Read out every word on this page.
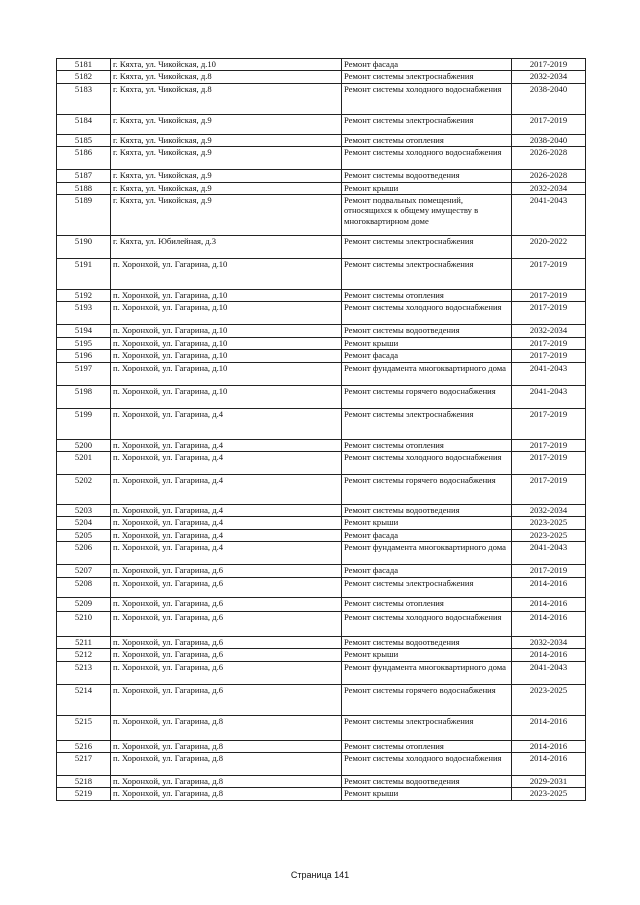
5181	г. Кяхта, ул. Чикойская, д.10	Ремонт фасада	2017-2019
5182	г. Кяхта, ул. Чикойская, д.8	Ремонт системы электроснабжения	2032-2034
5183	г. Кяхта, ул. Чикойская, д.8	Ремонт системы холодного водоснабжения	2038-2040
5184	г. Кяхта, ул. Чикойская, д.9	Ремонт системы электроснабжения	2017-2019
5185	г. Кяхта, ул. Чикойская, д.9	Ремонт системы отопления	2038-2040
5186	г. Кяхта, ул. Чикойская, д.9	Ремонт системы холодного водоснабжения	2026-2028
5187	г. Кяхта, ул. Чикойская, д.9	Ремонт системы водоотведения	2026-2028
5188	г. Кяхта, ул. Чикойская, д.9	Ремонт крыши	2032-2034
5189	г. Кяхта, ул. Чикойская, д.9	Ремонт подвальных помещений, относящихся к общему имуществу в многоквартирном доме	2041-2043
5190	г. Кяхта, ул. Юбилейная, д.3	Ремонт системы электроснабжения	2020-2022
5191	п. Хоронхой, ул. Гагарина, д.10	Ремонт системы электроснабжения	2017-2019
5192	п. Хоронхой, ул. Гагарина, д.10	Ремонт системы отопления	2017-2019
5193	п. Хоронхой, ул. Гагарина, д.10	Ремонт системы холодного водоснабжения	2017-2019
5194	п. Хоронхой, ул. Гагарина, д.10	Ремонт системы водоотведения	2032-2034
5195	п. Хоронхой, ул. Гагарина, д.10	Ремонт крыши	2017-2019
5196	п. Хоронхой, ул. Гагарина, д.10	Ремонт фасада	2017-2019
5197	п. Хоронхой, ул. Гагарина, д.10	Ремонт фундамента многоквартирного дома	2041-2043
5198	п. Хоронхой, ул. Гагарина, д.10	Ремонт системы горячего водоснабжения	2041-2043
5199	п. Хоронхой, ул. Гагарина, д.4	Ремонт системы электроснабжения	2017-2019
5200	п. Хоронхой, ул. Гагарина, д.4	Ремонт системы отопления	2017-2019
5201	п. Хоронхой, ул. Гагарина, д.4	Ремонт системы холодного водоснабжения	2017-2019
5202	п. Хоронхой, ул. Гагарина, д.4	Ремонт системы горячего водоснабжения	2017-2019
5203	п. Хоронхой, ул. Гагарина, д.4	Ремонт системы водоотведения	2032-2034
5204	п. Хоронхой, ул. Гагарина, д.4	Ремонт крыши	2023-2025
5205	п. Хоронхой, ул. Гагарина, д.4	Ремонт фасада	2023-2025
5206	п. Хоронхой, ул. Гагарина, д.4	Ремонт фундамента многоквартирного дома	2041-2043
5207	п. Хоронхой, ул. Гагарина, д.6	Ремонт фасада	2017-2019
5208	п. Хоронхой, ул. Гагарина, д.6	Ремонт системы электроснабжения	2014-2016
5209	п. Хоронхой, ул. Гагарина, д.6	Ремонт системы отопления	2014-2016
5210	п. Хоронхой, ул. Гагарина, д.6	Ремонт системы холодного водоснабжения	2014-2016
5211	п. Хоронхой, ул. Гагарина, д.6	Ремонт системы водоотведения	2032-2034
5212	п. Хоронхой, ул. Гагарина, д.6	Ремонт крыши	2014-2016
5213	п. Хоронхой, ул. Гагарина, д.6	Ремонт фундамента многоквартирного дома	2041-2043
5214	п. Хоронхой, ул. Гагарина, д.6	Ремонт системы горячего водоснабжения	2023-2025
5215	п. Хоронхой, ул. Гагарина, д.8	Ремонт системы электроснабжения	2014-2016
5216	п. Хоронхой, ул. Гагарина, д.8	Ремонт системы отопления	2014-2016
5217	п. Хоронхой, ул. Гагарина, д.8	Ремонт системы холодного водоснабжения	2014-2016
5218	п. Хоронхой, ул. Гагарина, д.8	Ремонт системы водоотведения	2029-2031
5219	п. Хоронхой, ул. Гагарина, д.8	Ремонт крыши	2023-2025
Страница 141
